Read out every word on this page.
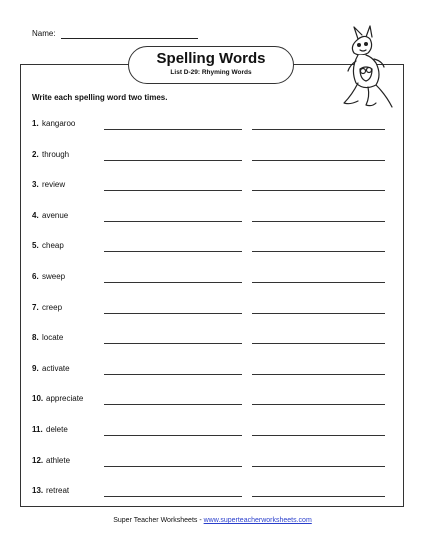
Name:
Spelling Words
List D-29: Rhyming Words
Write each spelling word two times.
1. kangaroo
2. through
3. review
4. avenue
5. cheap
6. sweep
7. creep
8. locate
9. activate
10. appreciate
11. delete
12. athlete
13. retreat
Super Teacher Worksheets - www.superteacherworksheets.com
